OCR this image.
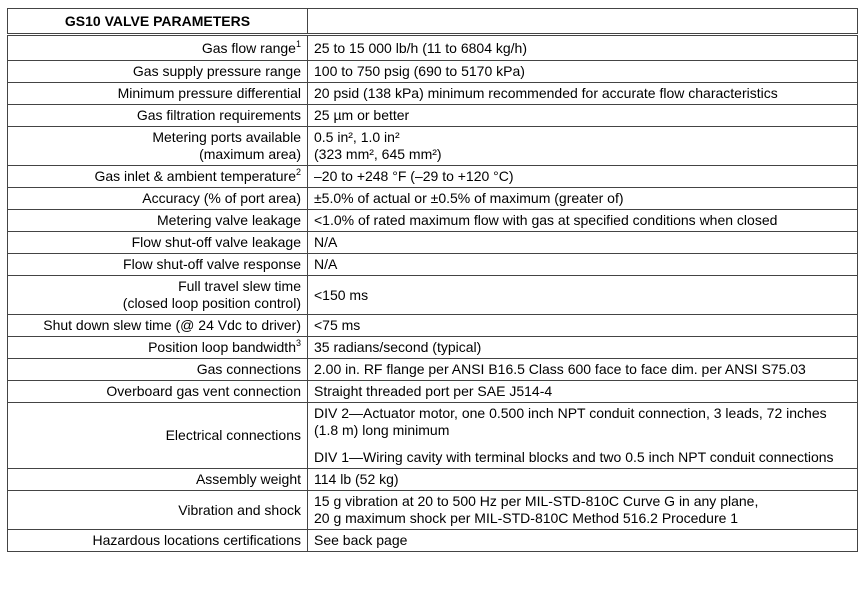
GS10 VALVE PARAMETERS	

Gas flow range$^1$	25 to 15 000 lb/h (11 to 6804 kg/h)

Gas supply pressure range	100 to 750 psig (690 to 5170 kPa)

Minimum pressure differential	20 psid (138 kPa) minimum recommended for accurate flow characteristics

Gas filtration requirements	25 µm or better

Metering ports available
(maximum area)	0.5 in², 1.0 in²
(323 mm², 645 mm²)

Gas inlet & ambient temperature$^2$	–20 to +248 °F (–29 to +120 °C)

Accuracy (% of port area)	±5.0% of actual or ±0.5% of maximum (greater of)

Metering valve leakage	<1.0% of rated maximum flow with gas at specified conditions when closed

Flow shut-off valve leakage	N/A

Flow shut-off valve response	N/A

Full travel slew time
(closed loop position control)	<150 ms

Shut down slew time (@ 24 Vdc to driver)	<75 ms

Position loop bandwidth$^3$	35 radians/second (typical)

Gas connections	2.00 in. RF flange per ANSI B16.5 Class 600 face to face dim. per ANSI S75.03

Overboard gas vent connection	Straight threaded port per SAE J514-4

Electrical connections	DIV 2—Actuator motor, one 0.500 inch NPT conduit connection, 3 leads, 72 inches (1.8 m) long minimum
DIV 1—Wiring cavity with terminal blocks and two 0.5 inch NPT conduit connections

Assembly weight	114 lb (52 kg)

Vibration and shock	15 g vibration at 20 to 500 Hz per MIL-STD-810C Curve G in any plane,
20 g maximum shock per MIL-STD-810C Method 516.2 Procedure 1

Hazardous locations certifications	See back page
